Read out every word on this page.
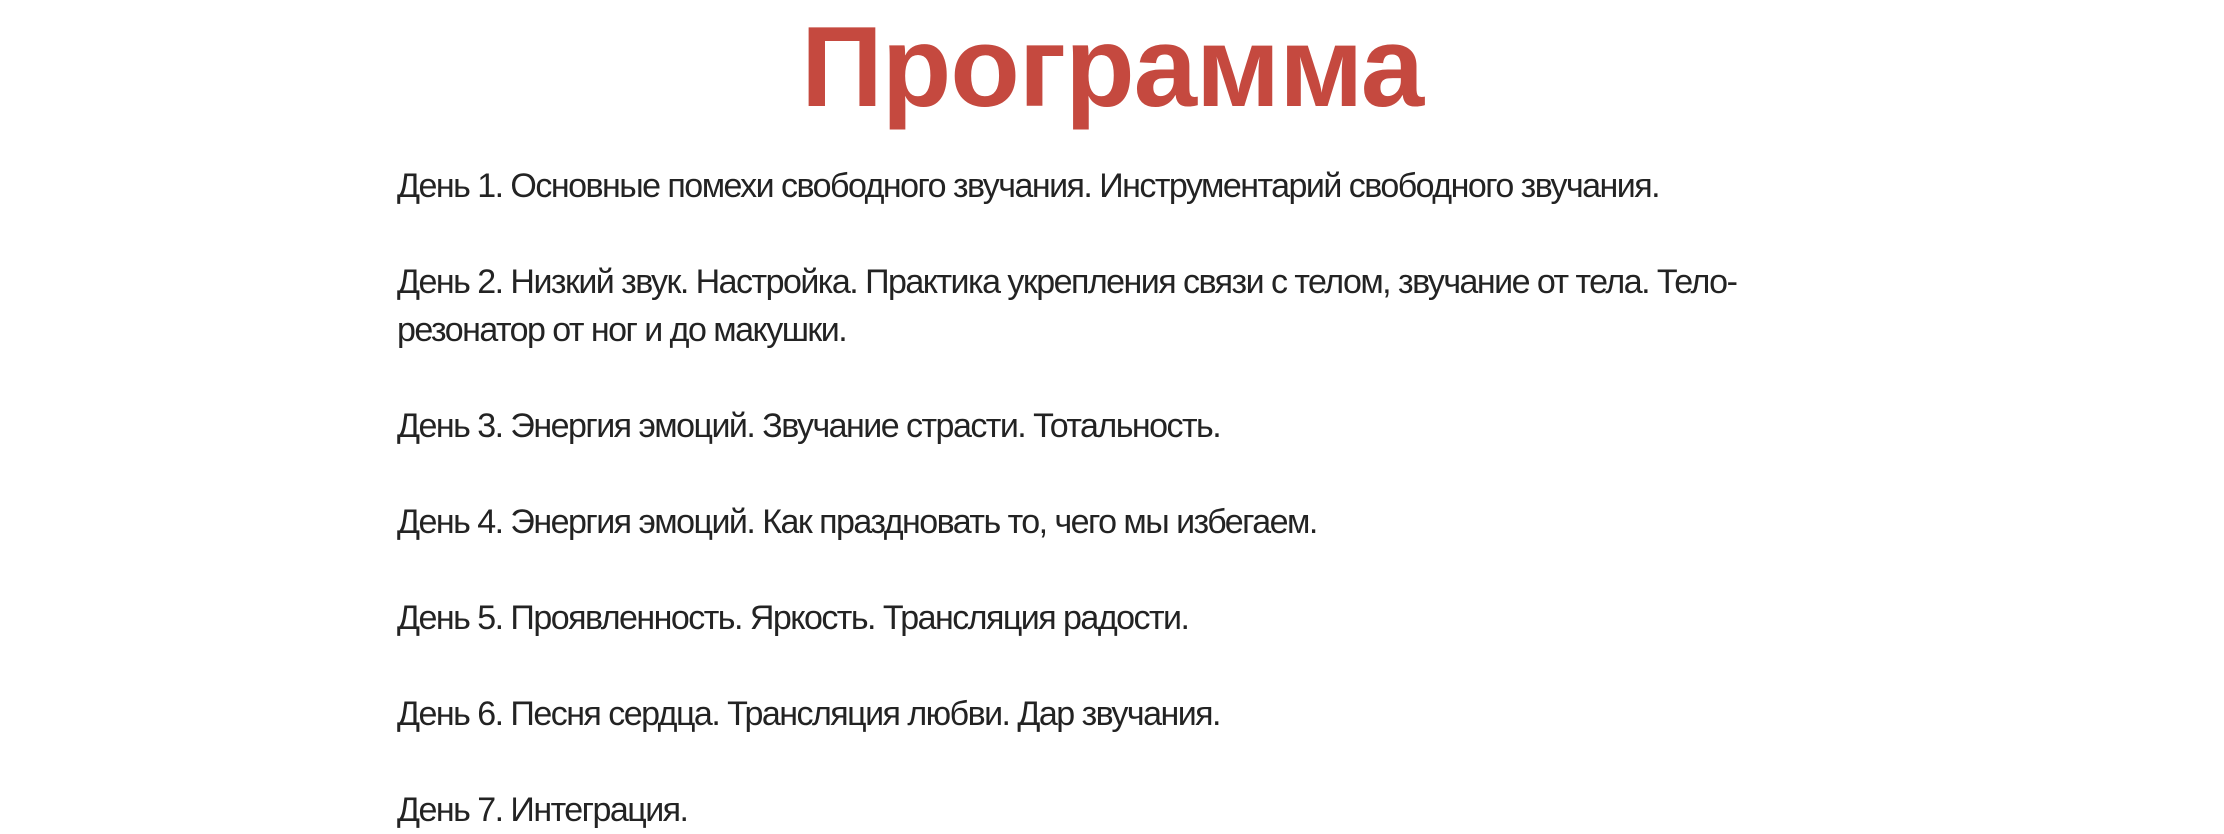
Программа

День 1. Основные помехи свободного звучания. Инструментарий свободного звучания.

День 2. Низкий звук. Настройка. Практика укрепления связи с телом, звучание от тела. Тело-резонатор от ног и до макушки.

День 3. Энергия эмоций. Звучание страсти. Тотальность.

День 4. Энергия эмоций. Как праздновать то, чего мы избегаем.

День 5. Проявленность. Яркость. Трансляция радости.

День 6. Песня сердца. Трансляция любви. Дар звучания.

День 7. Интеграция.
